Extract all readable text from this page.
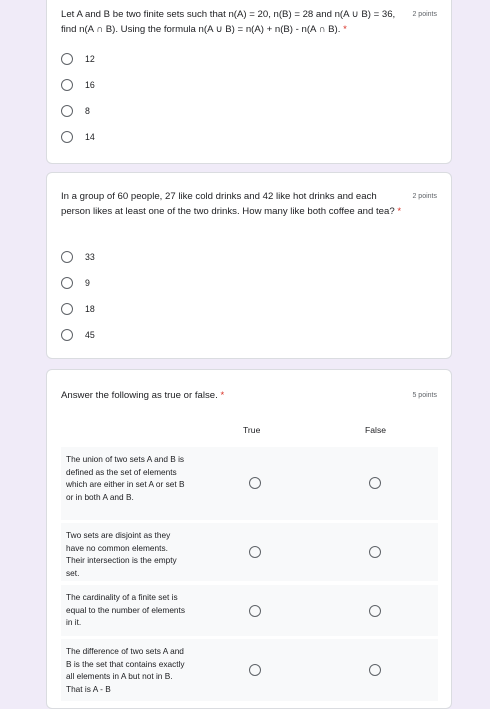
Let A and B be two finite sets such that n(A) = 20, n(B) = 28 and n(A ∪ B) = 36, find n(A ∩ B). Using the formula n(A ∪ B) = n(A) + n(B) - n(A ∩ B). *
2 points
12
16
8
14
In a group of 60 people, 27 like cold drinks and 42 like hot drinks and each person likes at least one of the two drinks. How many like both coffee and tea? *
2 points
33
9
18
45
Answer the following as true or false. *	5 points
True	False
The union of two sets A and B is defined as the set of elements which are either in set A or set B or in both A and B.
Two sets are disjoint as they have no common elements. Their intersection is the empty set.
The cardinality of a finite set is equal to the number of elements in it.
The difference of two sets A and B is the set that contains exactly all elements in A but not in B. That is A - B
